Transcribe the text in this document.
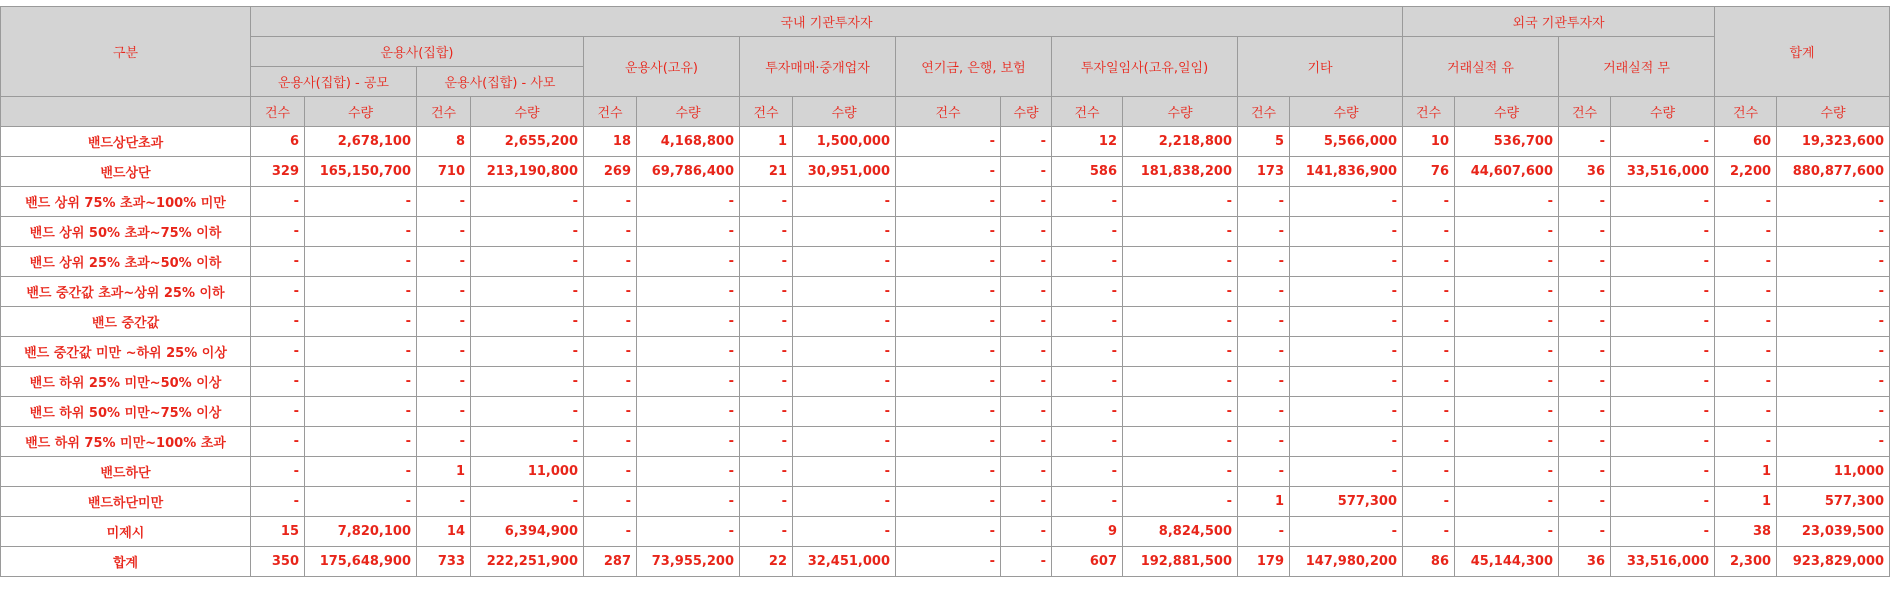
구분	국내 기관투자자														외국 기관투자자				합계	
	운용사(집합)				운용사(고유)		투자매매·중개업자		연기금, 은행, 보험		투자일임사(고유,일임)		기타		거래실적 유		거래실적 무			
	운용사(집합) - 공모		운용사(집합) - 사모																	
	건수	수량	건수	수량	건수	수량	건수	수량	건수	수량	건수	수량	건수	수량	건수	수량	건수	수량	건수	수량
밴드상단초과	6	2,678,100	8	2,655,200	18	4,168,800	1	1,500,000	-	-	12	2,218,800	5	5,566,000	10	536,700	-	-	60	19,323,600
밴드상단	329	165,150,700	710	213,190,800	269	69,786,400	21	30,951,000	-	-	586	181,838,200	173	141,836,900	76	44,607,600	36	33,516,000	2,200	880,877,600
밴드 상위 75% 초과~100% 미만	-	-	-	-	-	-	-	-	-	-	-	-	-	-	-	-	-	-	-	-
밴드 상위 50% 초과~75% 이하	-	-	-	-	-	-	-	-	-	-	-	-	-	-	-	-	-	-	-	-
밴드 상위 25% 초과~50% 이하	-	-	-	-	-	-	-	-	-	-	-	-	-	-	-	-	-	-	-	-
밴드 중간값 초과~상위 25% 이하	-	-	-	-	-	-	-	-	-	-	-	-	-	-	-	-	-	-	-	-
밴드 중간값	-	-	-	-	-	-	-	-	-	-	-	-	-	-	-	-	-	-	-	-
밴드 중간값 미만 ~하위 25% 이상	-	-	-	-	-	-	-	-	-	-	-	-	-	-	-	-	-	-	-	-
밴드 하위 25% 미만~50% 이상	-	-	-	-	-	-	-	-	-	-	-	-	-	-	-	-	-	-	-	-
밴드 하위 50% 미만~75% 이상	-	-	-	-	-	-	-	-	-	-	-	-	-	-	-	-	-	-	-	-
밴드 하위 75% 미만~100% 초과	-	-	-	-	-	-	-	-	-	-	-	-	-	-	-	-	-	-	-	-
밴드하단	-	-	1	11,000	-	-	-	-	-	-	-	-	-	-	-	-	-	-	1	11,000
밴드하단미만	-	-	-	-	-	-	-	-	-	-	-	-	1	577,300	-	-	-	-	1	577,300
미제시	15	7,820,100	14	6,394,900	-	-	-	-	-	-	9	8,824,500	-	-	-	-	-	-	38	23,039,500
합계	350	175,648,900	733	222,251,900	287	73,955,200	22	32,451,000	-	-	607	192,881,500	179	147,980,200	86	45,144,300	36	33,516,000	2,300	923,829,000
